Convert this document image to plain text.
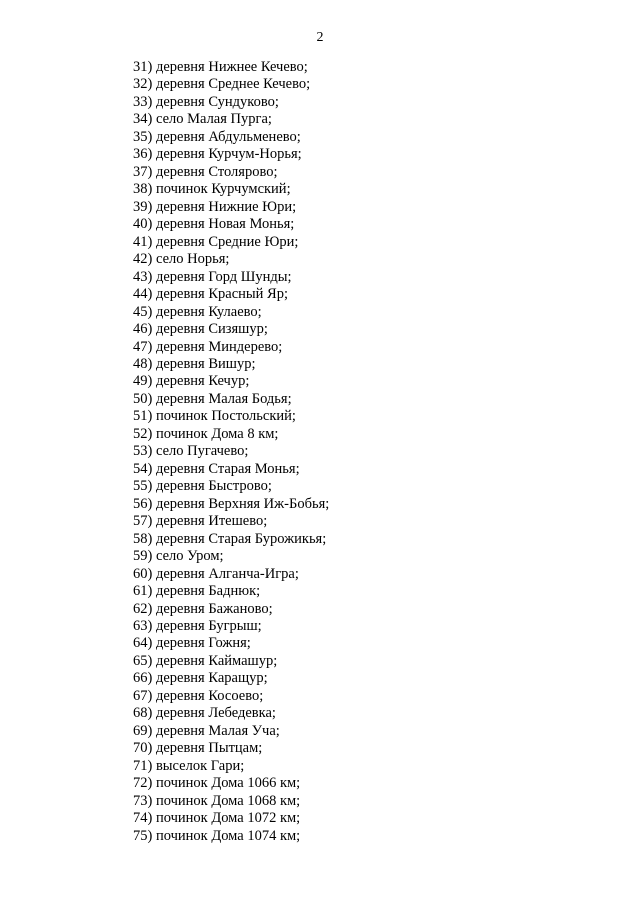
2
31) деревня Нижнее Кечево;
32) деревня Среднее Кечево;
33) деревня Сундуково;
34) село Малая Пурга;
35) деревня Абдульменево;
36) деревня Курчум-Норья;
37) деревня Столярово;
38) починок Курчумский;
39) деревня Нижние Юри;
40) деревня Новая Монья;
41) деревня Средние Юри;
42) село Норья;
43) деревня Горд Шунды;
44) деревня Красный Яр;
45) деревня Кулаево;
46) деревня Сизяшур;
47) деревня Миндерево;
48) деревня Вишур;
49) деревня Кечур;
50) деревня Малая Бодья;
51) починок Постольский;
52) починок Дома 8 км;
53) село Пугачево;
54) деревня Старая Монья;
55) деревня Быстрово;
56) деревня Верхняя Иж-Бобья;
57) деревня Итешево;
58) деревня Старая Бурожикья;
59) село Уром;
60) деревня Алганча-Игра;
61) деревня Баднюк;
62) деревня Бажаново;
63) деревня Бугрыш;
64) деревня Гожня;
65) деревня Каймашур;
66) деревня Каращур;
67) деревня Косоево;
68) деревня Лебедевка;
69) деревня Малая Уча;
70) деревня Пытцам;
71) выселок Гари;
72) починок Дома 1066 км;
73) починок Дома 1068 км;
74) починок Дома 1072 км;
75) починок Дома 1074 км;
